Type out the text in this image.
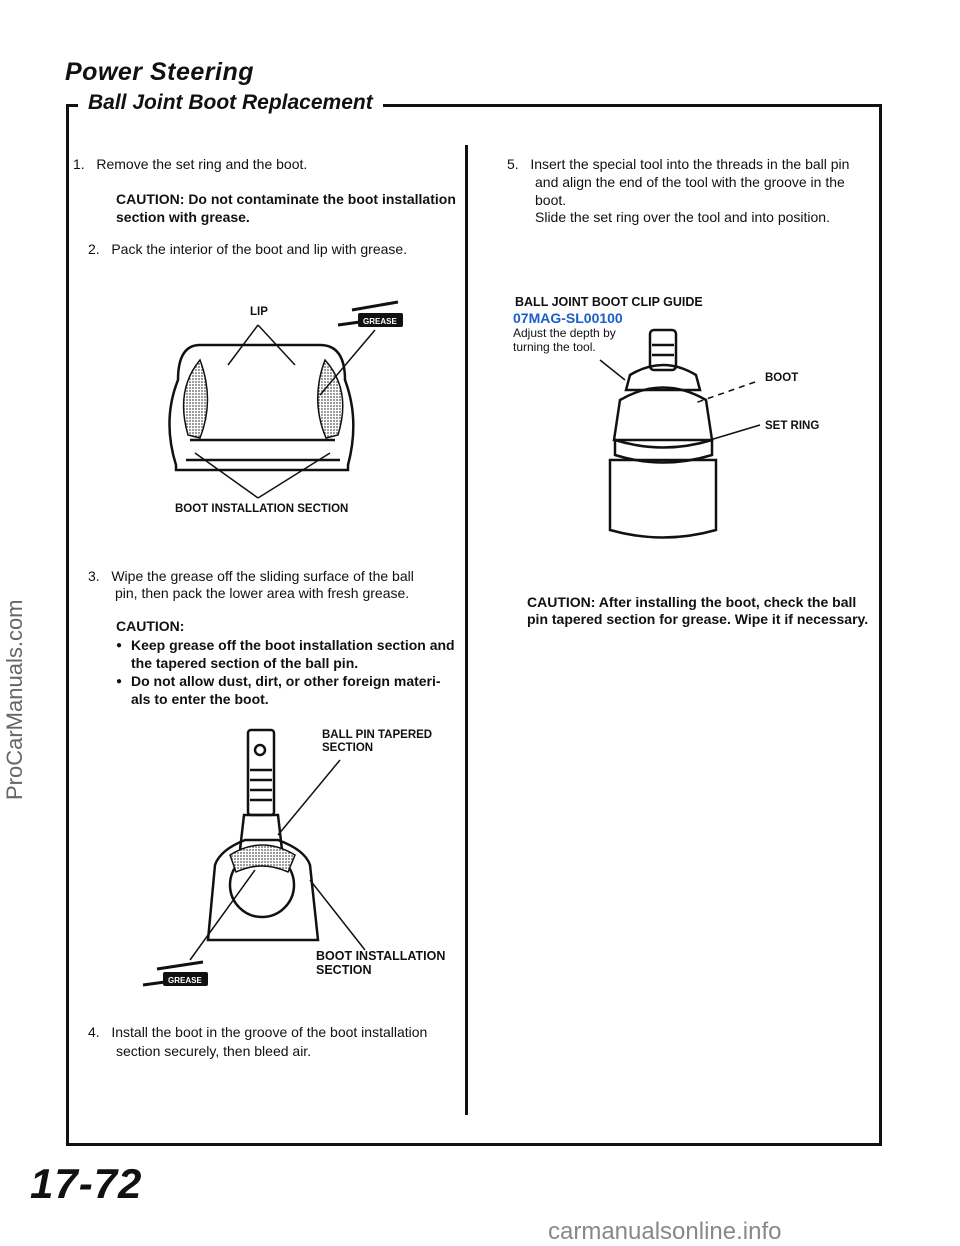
Power Steering
Ball Joint Boot Replacement
1.   Remove the set ring and the boot.
CAUTION: Do not contaminate the boot installation
section with grease.
2.   Pack the interior of the boot and lip with grease.
GREASE
GREASE
LIP
BOOT INSTALLATION SECTION
3.   Wipe the grease off the sliding surface of the ball
pin, then pack the lower area with fresh grease.
CAUTION:
● Keep grease off the boot installation section and
the tapered section of the ball pin.
● Do not allow dust, dirt, or other foreign materi-
als to enter the boot.
BALL PIN TAPERED
SECTION
BOOT INSTALLATION
SECTION
4.   Install the boot in the groove of the boot installation
section securely, then bleed air.
5.   Insert the special tool into the threads in the ball pin
and align the end of the tool with the groove in the
boot.
Slide the set ring over the tool and into position.
BALL JOINT BOOT CLIP GUIDE
07MAG-SL00100
Adjust the depth by
turning the tool.
BOOT
SET RING
CAUTION: After installing the boot, check the ball
pin tapered section for grease. Wipe it if necessary.
17-72
ProCarManuals.com
carmanualsonline.info
